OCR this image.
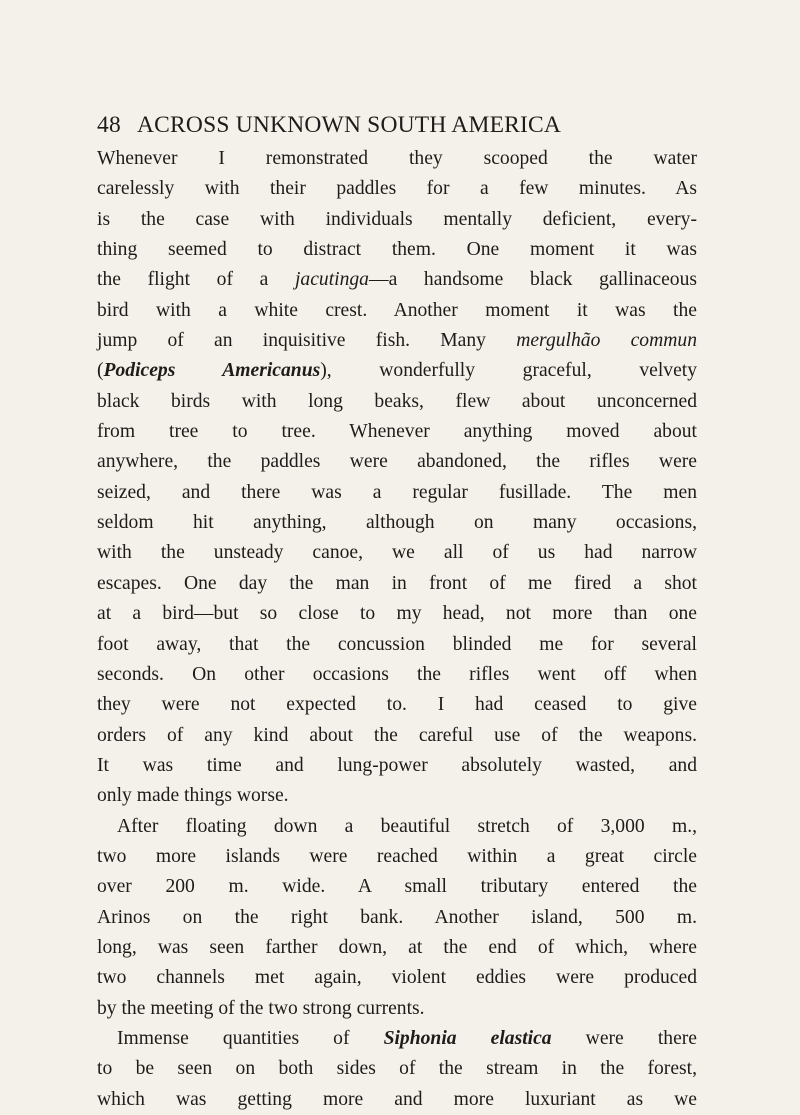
48 ACROSS UNKNOWN SOUTH AMERICA
Whenever I remonstrated they scooped the water
carelessly with their paddles for a few minutes. As
is the case with individuals mentally deficient, every-
thing seemed to distract them. One moment it was
the flight of a jacutinga—a handsome black gallinaceous
bird with a white crest. Another moment it was the
jump of an inquisitive fish. Many mergulhão commun
(Podiceps Americanus), wonderfully graceful, velvety
black birds with long beaks, flew about unconcerned
from tree to tree. Whenever anything moved about
anywhere, the paddles were abandoned, the rifles were
seized, and there was a regular fusillade. The men
seldom hit anything, although on many occasions,
with the unsteady canoe, we all of us had narrow
escapes. One day the man in front of me fired a shot
at a bird—but so close to my head, not more than one
foot away, that the concussion blinded me for several
seconds. On other occasions the rifles went off when
they were not expected to. I had ceased to give
orders of any kind about the careful use of the weapons.
It was time and lung-power absolutely wasted, and
only made things worse.
After floating down a beautiful stretch of 3,000 m.,
two more islands were reached within a great circle
over 200 m. wide. A small tributary entered the
Arinos on the right bank. Another island, 500 m.
long, was seen farther down, at the end of which, where
two channels met again, violent eddies were produced
by the meeting of the two strong currents.
Immense quantities of Siphonia elastica were there
to be seen on both sides of the stream in the forest,
which was getting more and more luxuriant as we
